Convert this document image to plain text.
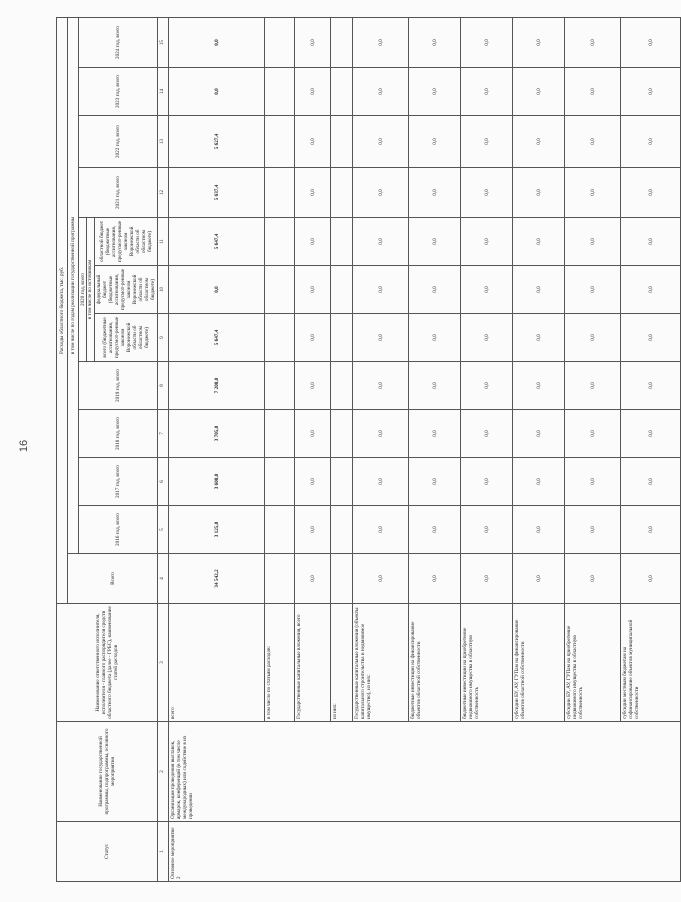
16
Статус	Наименование государственной программы, подпрограммы, основного мероприятия	Наименование ответственного исполнителя, исполнителя - главного распорядителя средств областного бюджета (далее - ГРБС), наименование статей расходов	Расходы областного бюджета, тыс. руб.											
			Всего	в том числе по годам реализации государственной программы										
				2016 год, всего	2017 год, всего	2018 год, всего	2019 год, всего	2020 год, всего в том числе по источникам			2021 год, всего	2022 год, всего	2023 год, всего	2024 год, всего
								всего (бюджетные ассигнования, предусмот-ренные законом Воронежской области об областном бюджете)	федеральный бюджет (бюджетные ассигнования, предусмот-ренные законом Воронежской области об областном бюджете)	областной бюджет (бюджетные ассигнования, предусмот-ренные законом Воронежской области об областном бюджете)				
1	2	3	4	5	6	7	8	9	10	11	12	13	14	15
Основное мероприятие 2	Организация проведения выставок, ярмарок, конференций (в том числе международных) или содействие в их проведении	всего	34 542,2	3 125,0	3 600,0	3 705,0	7 200,0	5 647,4	0,0	5 647,4	5 637,4	5 627,4	0,0	0,0
		в том числе по статьям расходов:												
		Государственные капитальные вложения, всего	0,0	0,0	0,0	0,0	0,0	0,0	0,0	0,0	0,0	0,0	0,0	0,0
		из них:												
		Государственные капитальные вложения (объекты капитального строительства и недвижимое имущество), из них:	0,0	0,0	0,0	0,0	0,0	0,0	0,0	0,0	0,0	0,0	0,0	0,0
		бюджетные инвестиции на финансирование объектов областной собственности	0,0	0,0	0,0	0,0	0,0	0,0	0,0	0,0	0,0	0,0	0,0	0,0
		бюджетные инвестиции на приобретение недвижимого имущества в областную собственность	0,0	0,0	0,0	0,0	0,0	0,0	0,0	0,0	0,0	0,0	0,0	0,0
		субсидии БУ, АУ, ГУПам на финансирование объектов областной собственности	0,0	0,0	0,0	0,0	0,0	0,0	0,0	0,0	0,0	0,0	0,0	0,0
		субсидии БУ, АУ, ГУПам на приобретение недвижимого имущества в областную собственность	0,0	0,0	0,0	0,0	0,0	0,0	0,0	0,0	0,0	0,0	0,0	0,0
		субсидии местным бюджетам на софинансирование объектов муниципальной собственности	0,0	0,0	0,0	0,0	0,0	0,0	0,0	0,0	0,0	0,0	0,0	0,0
